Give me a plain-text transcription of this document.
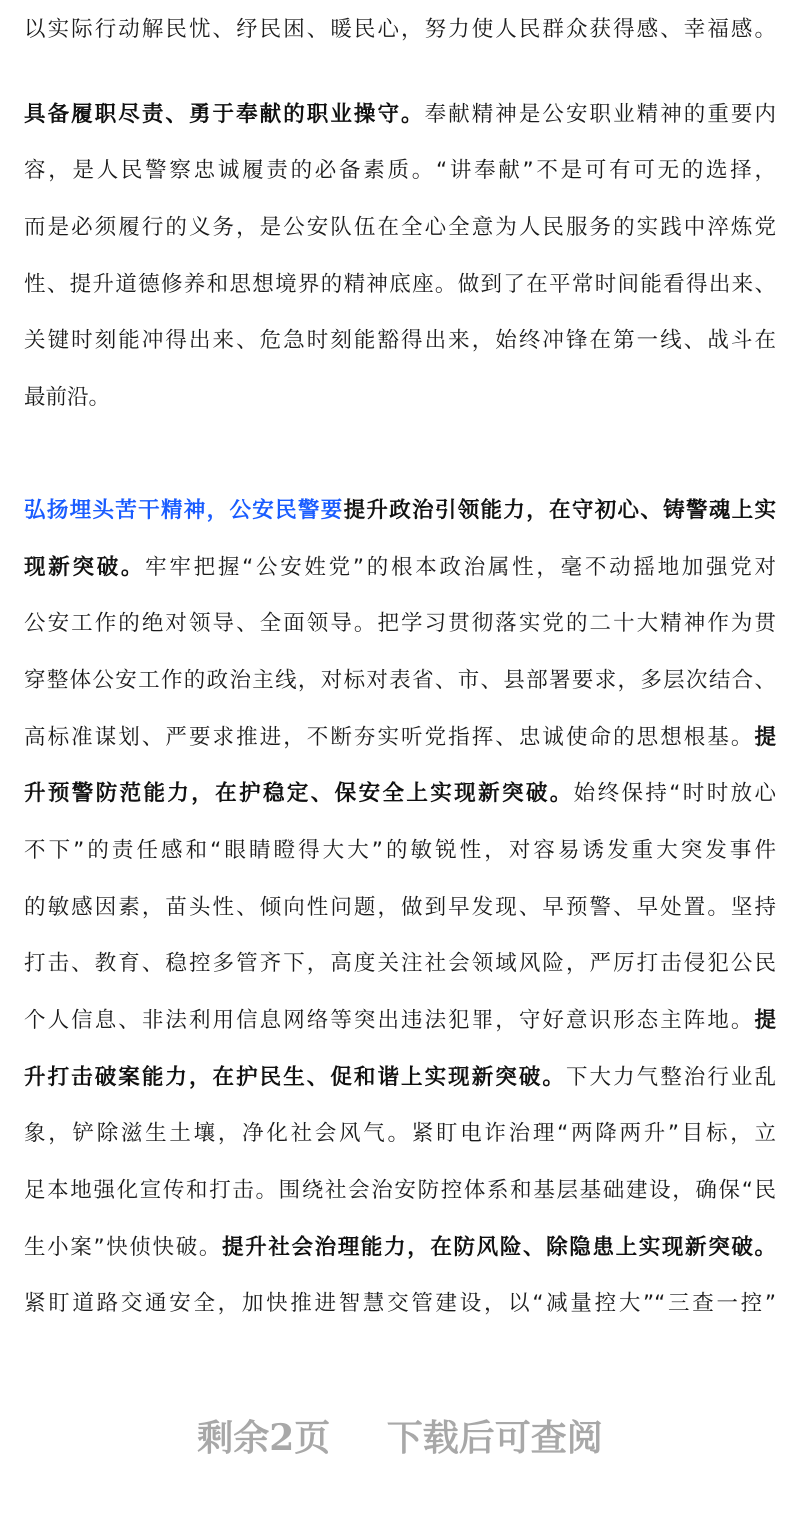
以实际行动解民忧、纾民困、暖民心，努力使人民群众获得感、幸福感。
具备履职尽责、勇于奉献的职业操守。奉献精神是公安职业精神的重要内
容，是人民警察忠诚履责的必备素质。“讲奉献”不是可有可无的选择，
而是必须履行的义务，是公安队伍在全心全意为人民服务的实践中淬炼党
性、提升道德修养和思想境界的精神底座。做到了在平常时间能看得出来、
关键时刻能冲得出来、危急时刻能豁得出来，始终冲锋在第一线、战斗在
最前沿。
弘扬埋头苦干精神，公安民警要提升政治引领能力，在守初心、铸警魂上实
现新突破。牢牢把握“公安姓党”的根本政治属性，毫不动摇地加强党对
公安工作的绝对领导、全面领导。把学习贯彻落实党的二十大精神作为贯
穿整体公安工作的政治主线，对标对表省、市、县部署要求，多层次结合、
高标准谋划、严要求推进，不断夯实听党指挥、忠诚使命的思想根基。提
升预警防范能力，在护稳定、保安全上实现新突破。始终保持“时时放心
不下”的责任感和“眼睛瞪得大大”的敏锐性，对容易诱发重大突发事件
的敏感因素，苗头性、倾向性问题，做到早发现、早预警、早处置。坚持
打击、教育、稳控多管齐下，高度关注社会领域风险，严厉打击侵犯公民
个人信息、非法利用信息网络等突出违法犯罪，守好意识形态主阵地。提
升打击破案能力，在护民生、促和谐上实现新突破。下大力气整治行业乱
象，铲除滋生土壤，净化社会风气。紧盯电诈治理“两降两升”目标，立
足本地强化宣传和打击。围绕社会治安防控体系和基层基础建设，确保“民
生小案”快侦快破。提升社会治理能力，在防风险、除隐患上实现新突破。
紧盯道路交通安全，加快推进智慧交管建设，以“减量控大”“三查一控”
剩余2页 下载后可查阅
